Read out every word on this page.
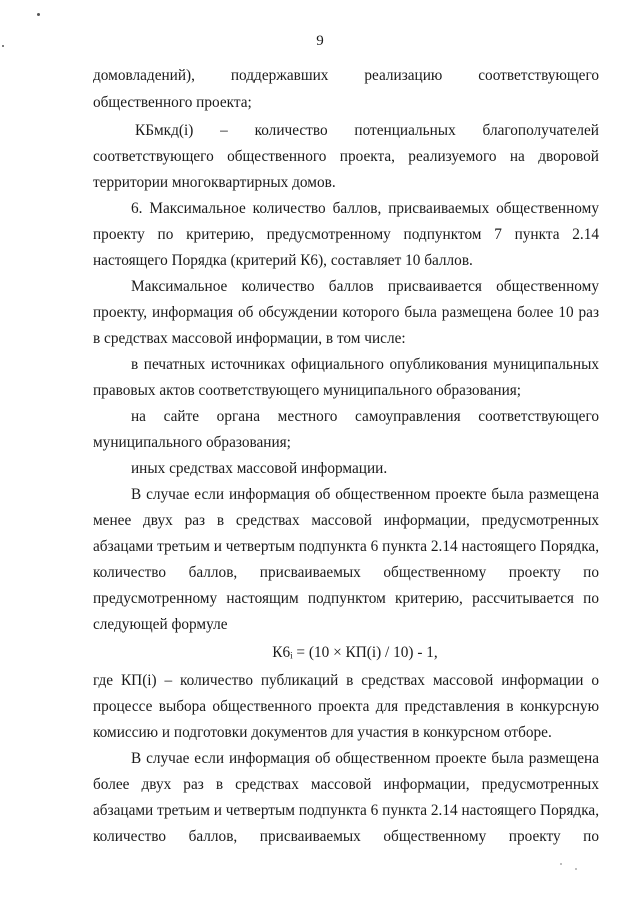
9
домовладений), поддержавших реализацию соответствующего
общественного проекта;
КБмкд(i) – количество потенциальных благополучателей
соответствующего общественного проекта, реализуемого на дворовой
территории многоквартирных домов.
6. Максимальное количество баллов, присваиваемых общественному
проекту по критерию, предусмотренному подпунктом 7 пункта 2.14
настоящего Порядка (критерий К6), составляет 10 баллов.
Максимальное количество баллов присваивается общественному
проекту, информация об обсуждении которого была размещена более 10 раз
в средствах массовой информации, в том числе:
в печатных источниках официального опубликования муниципальных
правовых актов соответствующего муниципального образования;
на сайте органа местного самоуправления соответствующего
муниципального образования;
иных средствах массовой информации.
В случае если информация об общественном проекте была размещена
менее двух раз в средствах массовой информации, предусмотренных
абзацами третьим и четвертым подпункта 6 пункта 2.14 настоящего Порядка,
количество баллов, присваиваемых общественному проекту по
предусмотренному настоящим подпунктом критерию, рассчитывается по
следующей формуле
К6ᵢ = (10 × КП(i) / 10) - 1,
где КП(i) – количество публикаций в средствах массовой информации о
процессе выбора общественного проекта для представления в конкурсную
комиссию и подготовки документов для участия в конкурсном отборе.
В случае если информация об общественном проекте была размещена
более двух раз в средствах массовой информации, предусмотренных
абзацами третьим и четвертым подпункта 6 пункта 2.14 настоящего Порядка,
количество баллов, присваиваемых общественному проекту по
